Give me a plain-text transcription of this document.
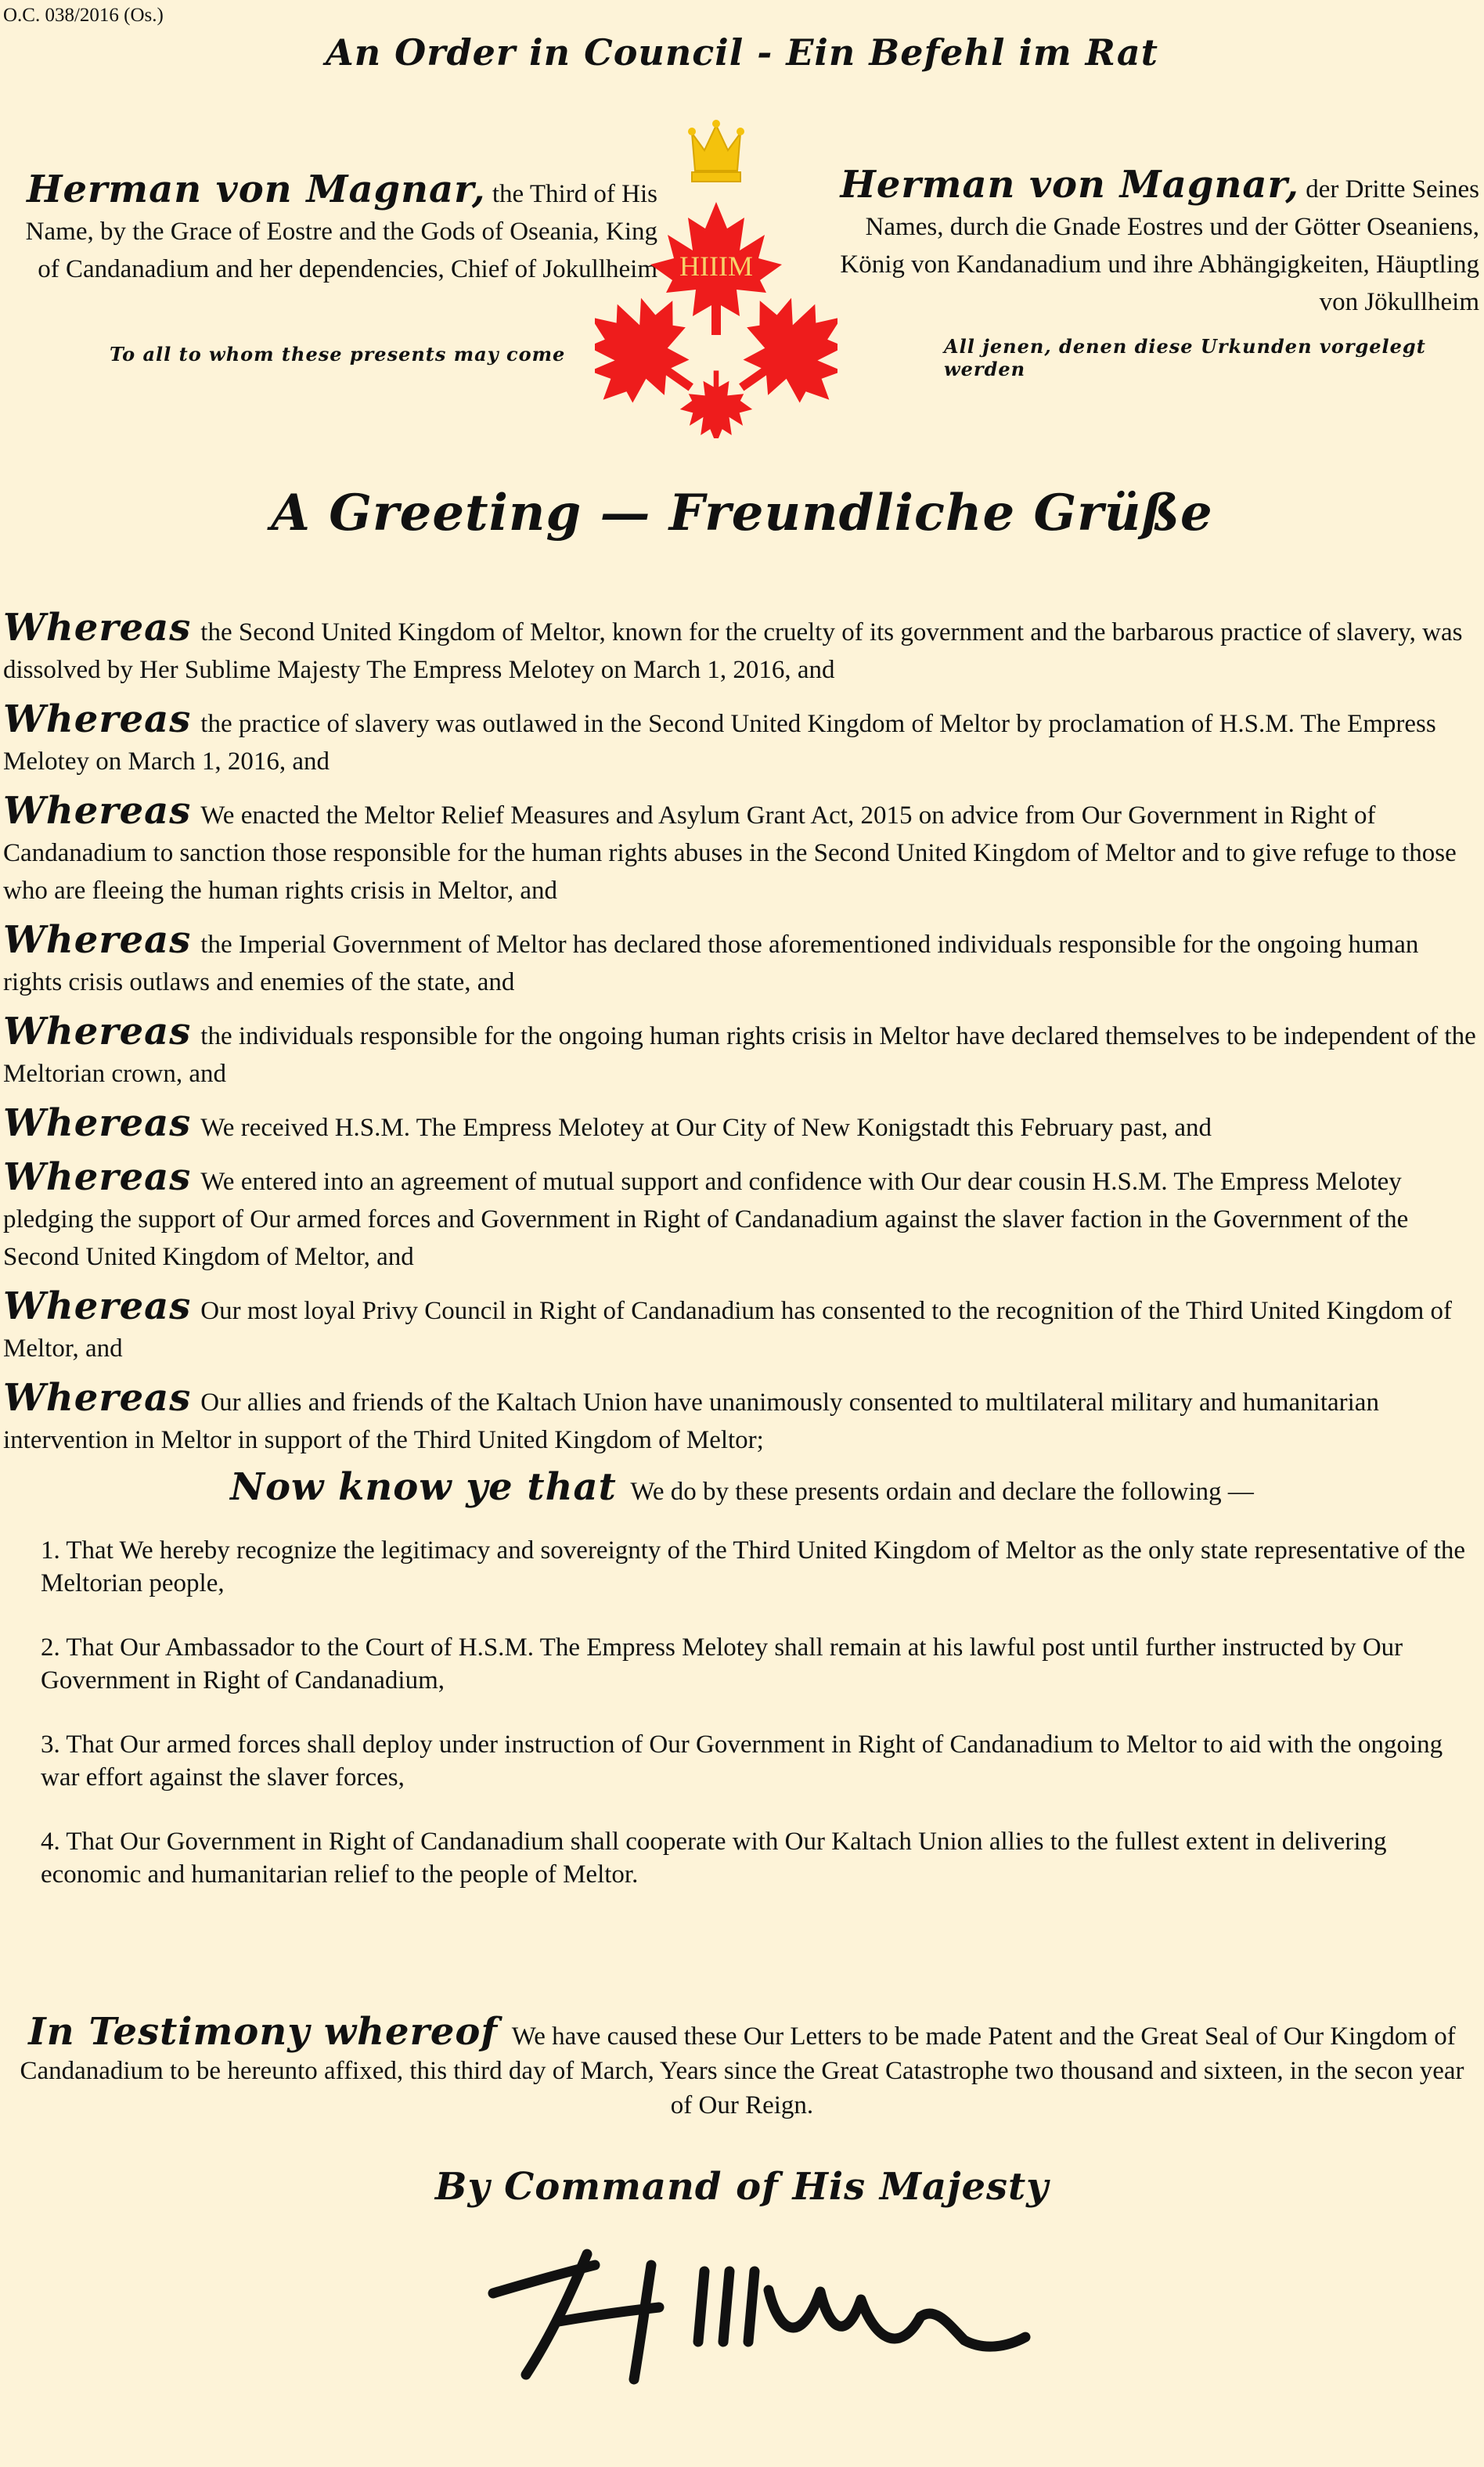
O.C. 038/2016 (Os.)
An Order in Council - Ein Befehl im Rat
Herman von Magnar, the Third of His Name, by the Grace of Eostre and the Gods of Oseania, King of Candanadium and her dependencies, Chief of Jokullheim
Herman von Magnar, der Dritte Seines Names, durch die Gnade Eostres und der Götter Oseaniens, König von Kandanadium und ihre Abhängigkeiten, Häuptling von Jökullheim
To all to whom these presents may come	All jenen, denen diese Urkunden vorgelegt werden
HIIIM
A Greeting — Freundliche Grüße
Whereas the Second United Kingdom of Meltor, known for the cruelty of its government and the barbarous practice of slavery, was dissolved by Her Sublime Majesty The Empress Melotey on March 1, 2016, and
Whereas the practice of slavery was outlawed in the Second United Kingdom of Meltor by proclamation of H.S.M. The Empress Melotey on March 1, 2016, and
Whereas We enacted the Meltor Relief Measures and Asylum Grant Act, 2015 on advice from Our Government in Right of Candanadium to sanction those responsible for the human rights abuses in the Second United Kingdom of Meltor and to give refuge to those who are fleeing the human rights crisis in Meltor, and
Whereas the Imperial Government of Meltor has declared those aforementioned individuals responsible for the ongoing human rights crisis outlaws and enemies of the state, and
Whereas the individuals responsible for the ongoing human rights crisis in Meltor have declared themselves to be independent of the Meltorian crown, and
Whereas We received H.S.M. The Empress Melotey at Our City of New Konigstadt this February past, and
Whereas We entered into an agreement of mutual support and confidence with Our dear cousin H.S.M. The Empress Melotey pledging the support of Our armed forces and Government in Right of Candanadium against the slaver faction in the Government of the Second United Kingdom of Meltor, and
Whereas Our most loyal Privy Council in Right of Candanadium has consented to the recognition of the Third United Kingdom of Meltor, and
Whereas Our allies and friends of the Kaltach Union have unanimously consented to multilateral military and humanitarian intervention in Meltor in support of the Third United Kingdom of Meltor;
Now know ye that We do by these presents ordain and declare the following —
1. That We hereby recognize the legitimacy and sovereignty of the Third United Kingdom of Meltor as the only state representative of the Meltorian people,
2. That Our Ambassador to the Court of H.S.M. The Empress Melotey shall remain at his lawful post until further instructed by Our Government in Right of Candanadium,
3. That Our armed forces shall deploy under instruction of Our Government in Right of Candanadium to Meltor to aid with the ongoing war effort against the slaver forces,
4. That Our Government in Right of Candanadium shall cooperate with Our Kaltach Union allies to the fullest extent in delivering economic and humanitarian relief to the people of Meltor.
In Testimony whereof We have caused these Our Letters to be made Patent and the Great Seal of Our Kingdom of Candanadium to be hereunto affixed, this third day of March, Years since the Great Catastrophe two thousand and sixteen, in the secon year of Our Reign.
By Command of His Majesty
